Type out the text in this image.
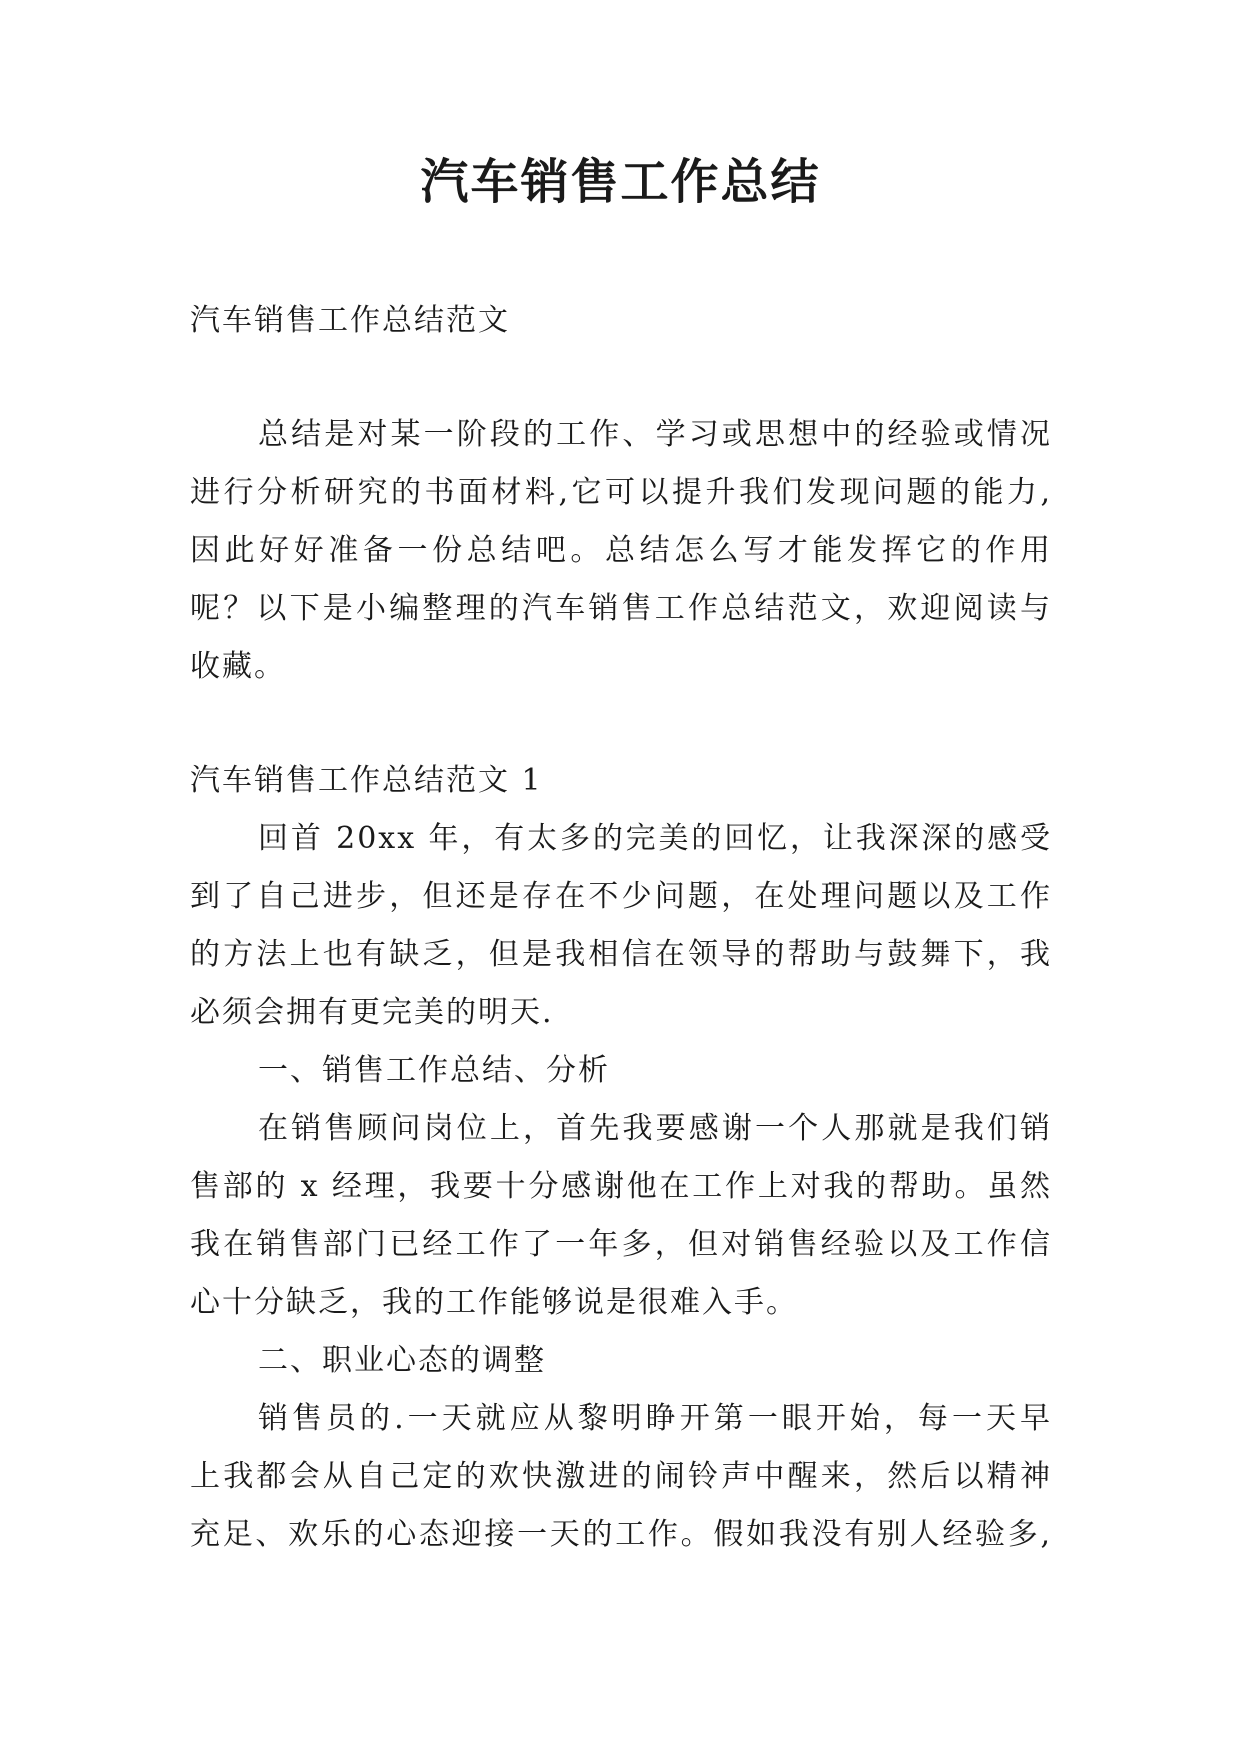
汽车销售工作总结

汽车销售工作总结范文

总结是对某一阶段的工作、学习或思想中的经验或情况

进行分析研究的书面材料,它可以提升我们发现问题的能力,

因此好好准备一份总结吧。总结怎么写才能发挥它的作用

呢？以下是小编整理的汽车销售工作总结范文，欢迎阅读与

收藏。

汽车销售工作总结范文 1

回首 20xx 年，有太多的完美的回忆，让我深深的感受

到了自己进步，但还是存在不少问题，在处理问题以及工作

的方法上也有缺乏，但是我相信在领导的帮助与鼓舞下，我

必须会拥有更完美的明天.

一、销售工作总结、分析

在销售顾问岗位上，首先我要感谢一个人那就是我们销

售部的 x 经理，我要十分感谢他在工作上对我的帮助。虽然

我在销售部门已经工作了一年多，但对销售经验以及工作信

心十分缺乏，我的工作能够说是很难入手。

二、职业心态的调整

销售员的.一天就应从黎明睁开第一眼开始，每一天早

上我都会从自己定的欢快激进的闹铃声中醒来，然后以精神

充足、欢乐的心态迎接一天的工作。假如我没有别人经验多,
